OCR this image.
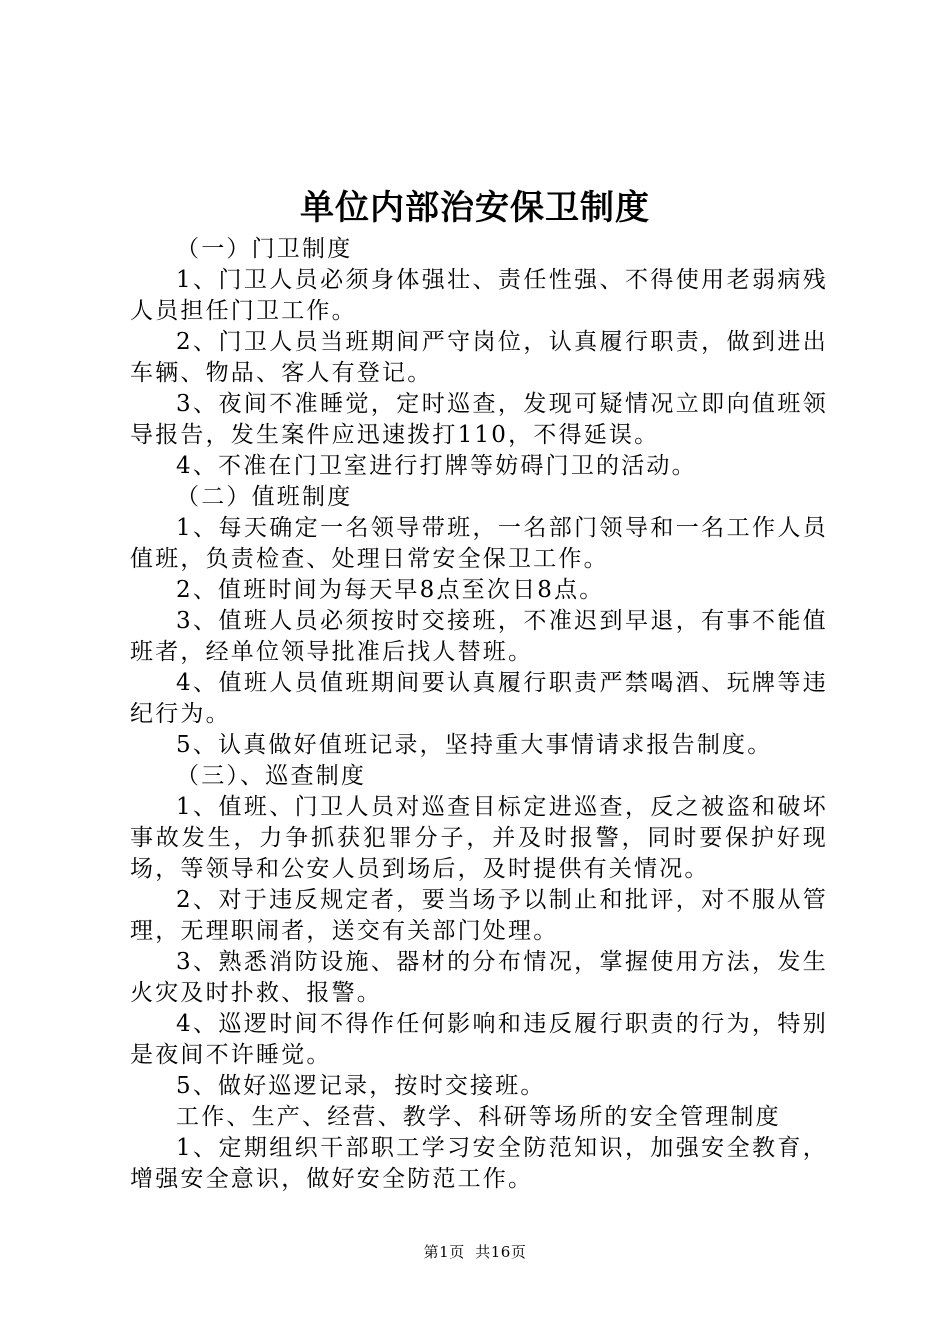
单位内部治安保卫制度

（一）门卫制度

1、门卫人员必须身体强壮、责任性强、不得使用老弱病残人员担任门卫工作。

2、门卫人员当班期间严守岗位，认真履行职责，做到进出车辆、物品、客人有登记。

3、夜间不准睡觉，定时巡查，发现可疑情况立即向值班领导报告，发生案件应迅速拨打110，不得延误。

4、不准在门卫室进行打牌等妨碍门卫的活动。

（二）值班制度

1、每天确定一名领导带班，一名部门领导和一名工作人员值班，负责检查、处理日常安全保卫工作。

2、值班时间为每天早8点至次日8点。

3、值班人员必须按时交接班，不准迟到早退，有事不能值班者，经单位领导批准后找人替班。

4、值班人员值班期间要认真履行职责严禁喝酒、玩牌等违纪行为。

5、认真做好值班记录，坚持重大事情请求报告制度。

（三）、巡查制度

1、值班、门卫人员对巡查目标定进巡查，反之被盗和破坏事故发生，力争抓获犯罪分子，并及时报警，同时要保护好现场，等领导和公安人员到场后，及时提供有关情况。

2、对于违反规定者，要当场予以制止和批评，对不服从管理，无理职闹者，送交有关部门处理。

3、熟悉消防设施、器材的分布情况，掌握使用方法，发生火灾及时扑救、报警。

4、巡逻时间不得作任何影响和违反履行职责的行为，特别是夜间不许睡觉。

5、做好巡逻记录，按时交接班。

工作、生产、经营、教学、科研等场所的安全管理制度

1、定期组织干部职工学习安全防范知识，加强安全教育，增强安全意识，做好安全防范工作。

第1页  共16页
